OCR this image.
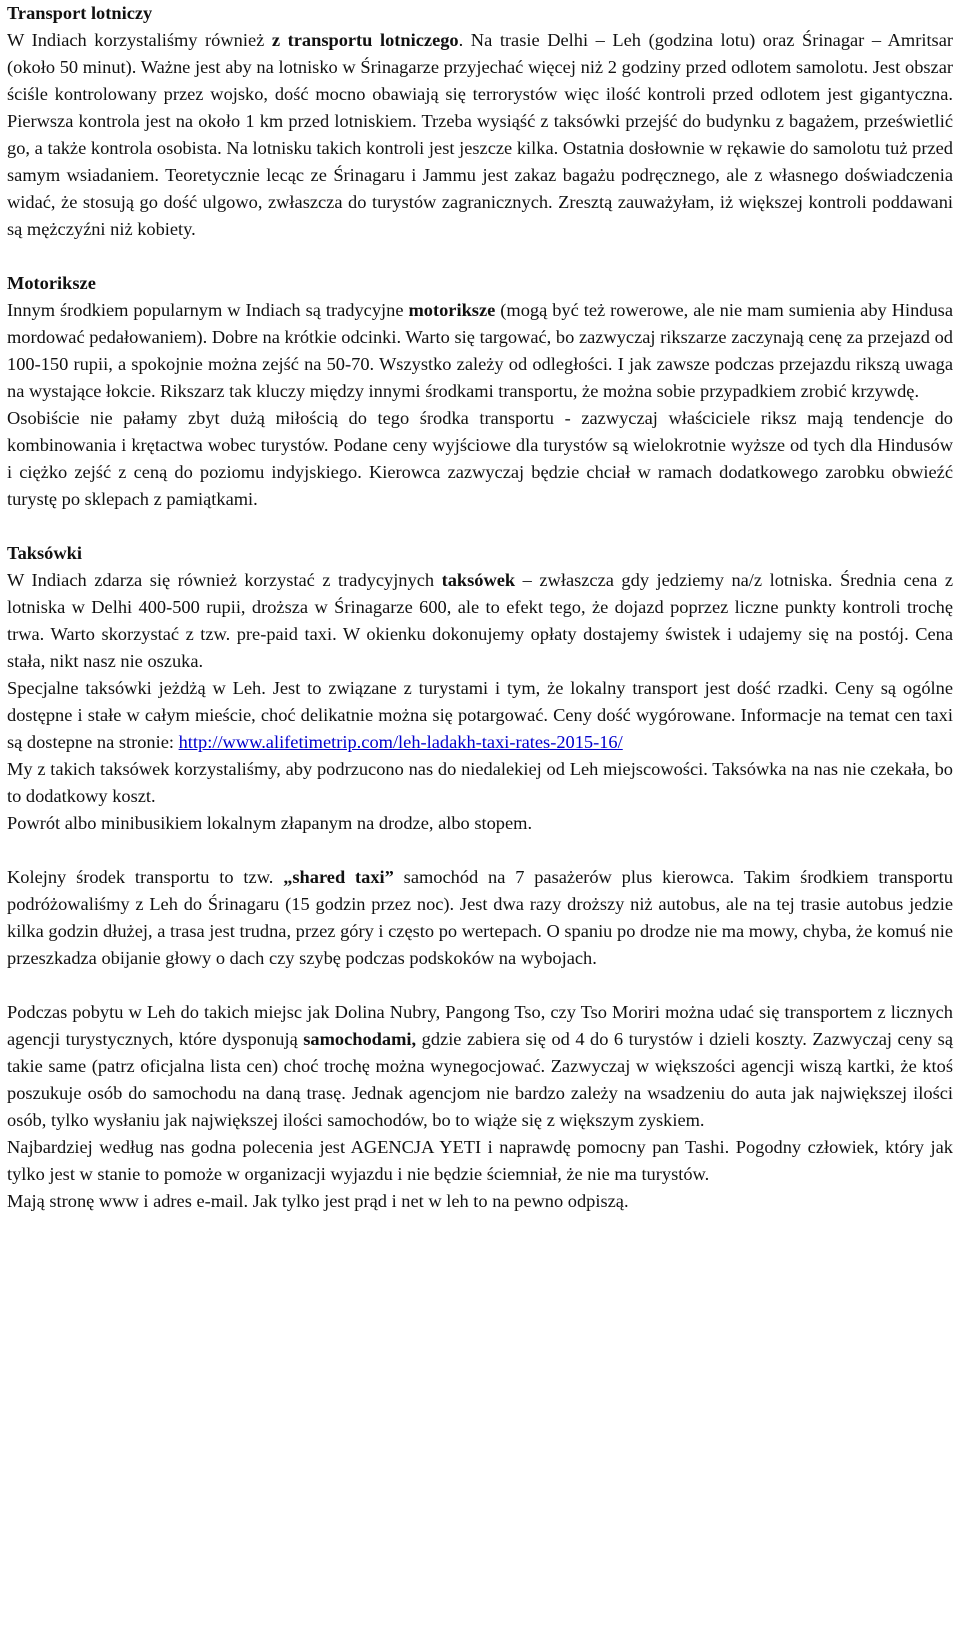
Transport lotniczy

W Indiach korzystaliśmy również z transportu lotniczego. Na trasie Delhi – Leh (godzina lotu) oraz Śrinagar – Amritsar (około 50 minut). Ważne jest aby na lotnisko w Śrinagarze przyjechać więcej niż 2 godziny przed odlotem samolotu. Jest obszar ściśle kontrolowany przez wojsko, dość mocno obawiają się terrorystów więc ilość kontroli przed odlotem jest gigantyczna. Pierwsza kontrola jest na około 1 km przed lotniskiem. Trzeba wysiąść z taksówki przejść do budynku z bagażem, prześwietlić go, a także kontrola osobista. Na lotnisku takich kontroli jest jeszcze kilka. Ostatnia dosłownie w rękawie do samolotu tuż przed samym wsiadaniem. Teoretycznie lecąc ze Śrinagaru i Jammu jest zakaz bagażu podręcznego, ale z własnego doświadczenia widać, że stosują go dość ulgowo, zwłaszcza do turystów zagranicznych. Zresztą zauważyłam, iż większej kontroli poddawani są mężczyźni niż kobiety.

Motoriksze

Innym środkiem popularnym w Indiach są tradycyjne motoriksze (mogą być też rowerowe, ale nie mam sumienia aby Hindusa mordować pedałowaniem). Dobre na krótkie odcinki. Warto się targować, bo zazwyczaj rikszarze zaczynają cenę za przejazd od 100-150 rupii, a spokojnie można zejść na 50-70. Wszystko zależy od odległości. I jak zawsze podczas przejazdu rikszą uwaga na wystające łokcie. Rikszarz tak kluczy między innymi środkami transportu, że można sobie przypadkiem zrobić krzywdę.

Osobiście nie pałamy zbyt dużą miłością do tego środka transportu - zazwyczaj właściciele riksz mają tendencje do kombinowania i krętactwa wobec turystów. Podane ceny wyjściowe dla turystów są wielokrotnie wyższe od tych dla Hindusów i ciężko zejść z ceną do poziomu indyjskiego. Kierowca zazwyczaj będzie chciał w ramach dodatkowego zarobku obwieźć turystę po sklepach z pamiątkami.

Taksówki

W Indiach zdarza się również korzystać z tradycyjnych taksówek – zwłaszcza gdy jedziemy na/z lotniska. Średnia cena z lotniska w Delhi 400-500 rupii, droższa w Śrinagarze 600, ale to efekt tego, że dojazd poprzez liczne punkty kontroli trochę trwa. Warto skorzystać z tzw. pre-paid taxi. W okienku dokonujemy opłaty dostajemy świstek i udajemy się na postój. Cena stała, nikt nasz nie oszuka.

Specjalne taksówki jeżdżą w Leh. Jest to związane z turystami i tym, że lokalny transport jest dość rzadki. Ceny są ogólne dostępne i stałe w całym mieście, choć delikatnie można się potargować. Ceny dość wygórowane. Informacje na temat cen taxi są dostepne na stronie: http://www.alifetimetrip.com/leh-ladakh-taxi-rates-2015-16/

My z takich taksówek korzystaliśmy, aby podrzucono nas do niedalekiej od Leh miejscowości. Taksówka na nas nie czekała, bo to dodatkowy koszt.

Powrót albo minibusikiem lokalnym złapanym na drodze, albo stopem.

Kolejny środek transportu to tzw. „shared taxi” samochód na 7 pasażerów plus kierowca. Takim środkiem transportu podróżowaliśmy z Leh do Śrinagaru (15 godzin przez noc). Jest dwa razy droższy niż autobus, ale na tej trasie autobus jedzie kilka godzin dłużej, a trasa jest trudna, przez góry i często po wertepach. O spaniu po drodze nie ma mowy, chyba, że komuś nie przeszkadza obijanie głowy o dach czy szybę podczas podskoków na wybojach.

Podczas pobytu w Leh do takich miejsc jak Dolina Nubry, Pangong Tso, czy Tso Moriri można udać się transportem z licznych agencji turystycznych, które dysponują samochodami, gdzie zabiera się od 4 do 6 turystów i dzieli koszty. Zazwyczaj ceny są takie same (patrz oficjalna lista cen) choć trochę można wynegocjować. Zazwyczaj w większości agencji wiszą kartki, że ktoś poszukuje osób do samochodu na daną trasę. Jednak agencjom nie bardzo zależy na wsadzeniu do auta jak największej ilości osób, tylko wysłaniu jak największej ilości samochodów, bo to wiąże się z większym zyskiem.

Najbardziej według nas godna polecenia jest AGENCJA YETI i naprawdę pomocny pan Tashi. Pogodny człowiek, który jak tylko jest w stanie to pomoże w organizacji wyjazdu i nie będzie ściemniał, że nie ma turystów.

Mają stronę www i adres e-mail. Jak tylko jest prąd i net w leh to na pewno odpiszą.
